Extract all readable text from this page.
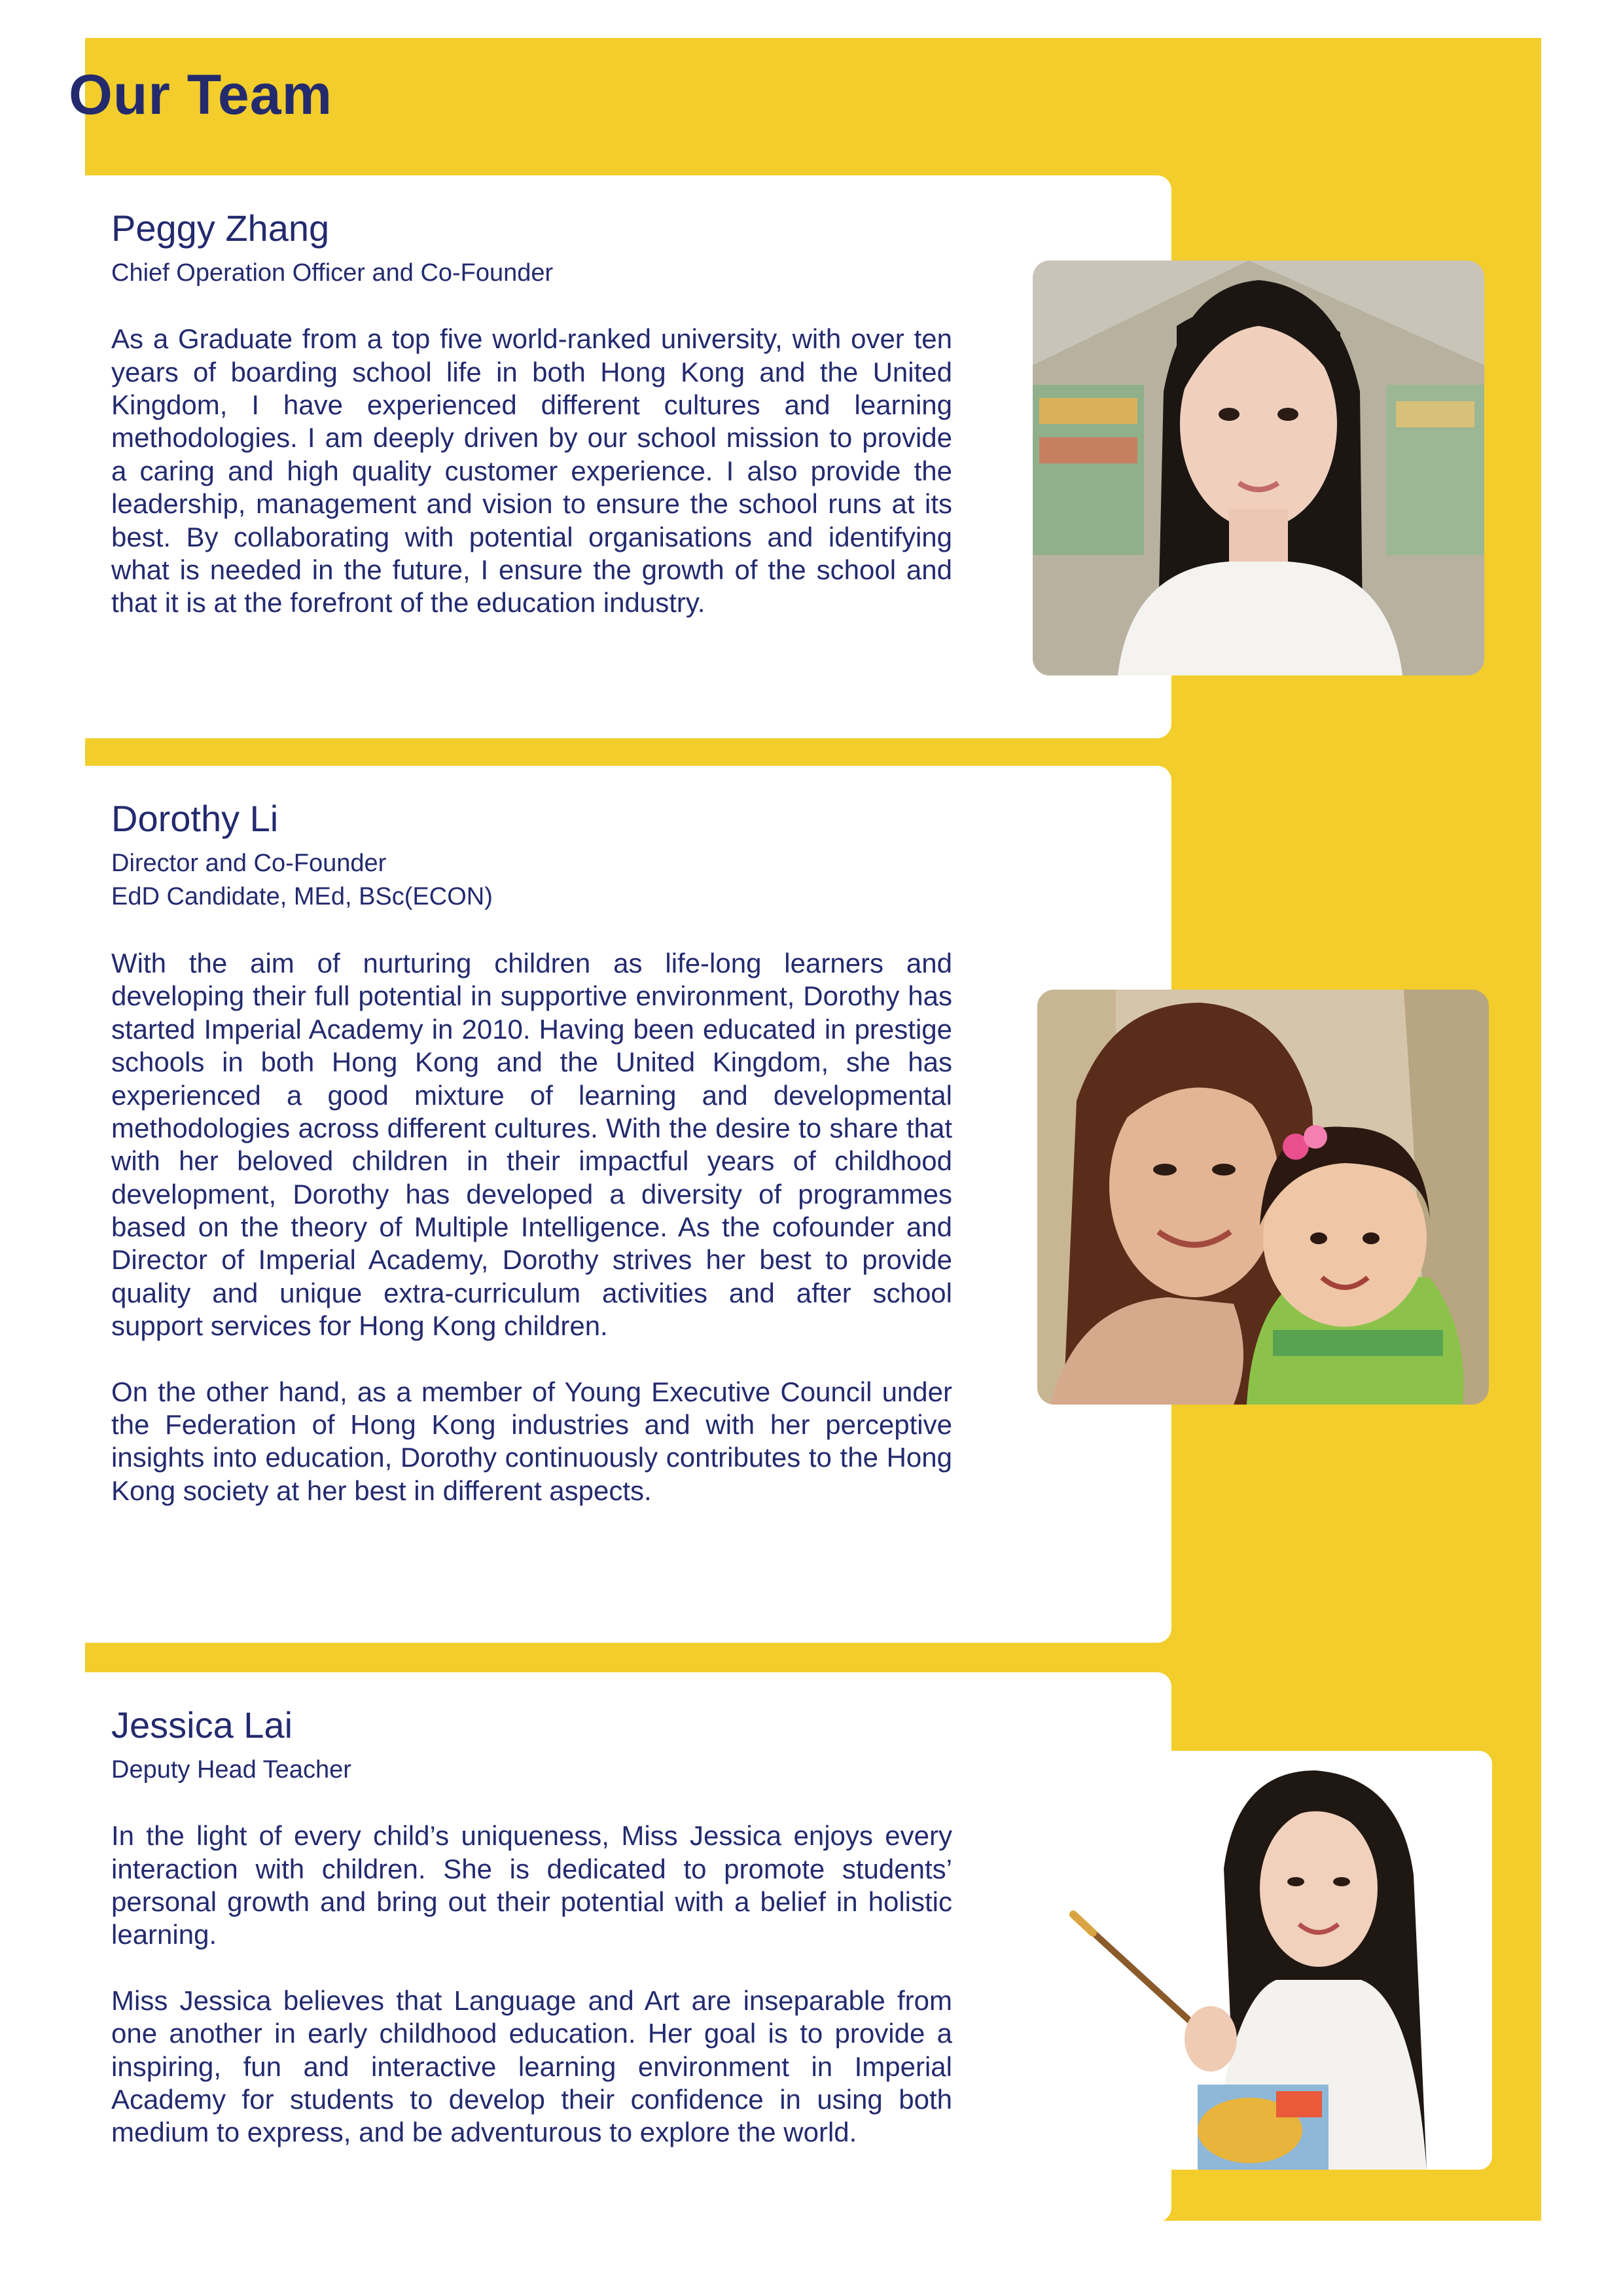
Our Team
Peggy Zhang

Chief Operation Officer and Co-Founder

As a Graduate from a top five world-ranked university, with over ten years of boarding school life in both Hong Kong and the United Kingdom, I have experienced different cultures and learning methodologies. I am deeply driven by our school mission to provide a caring and high quality customer experience. I also provide the leadership, management and vision to ensure the school runs at its best. By collaborating with potential organisations and identifying what is needed in the future, I ensure the growth of the school and that it is at the forefront of the education industry.

Dorothy Li

Director and Co-Founder

EdD Candidate, MEd, BSc(ECON)

With the aim of nurturing children as life-long learners and developing their full potential in supportive environment, Dorothy has started Imperial Academy in 2010. Having been educated in prestige schools in both Hong Kong and the United Kingdom, she has experienced a good mixture of learning and developmental methodologies across different cultures. With the desire to share that with her beloved children in their impactful years of childhood development, Dorothy has developed a diversity of programmes based on the theory of Multiple Intelligence. As the cofounder and Director of Imperial Academy, Dorothy strives her best to provide quality and unique extra-curriculum activities and after school support services for Hong Kong children.

On the other hand, as a member of Young Executive Council under the Federation of Hong Kong industries and with her perceptive insights into education, Dorothy continuously contributes to the Hong Kong society at her best in different aspects.

Jessica Lai

Deputy Head Teacher

In the light of every child’s uniqueness, Miss Jessica enjoys every interaction with children. She is dedicated to promote students’ personal growth and bring out their potential with a belief in holistic learning.

Miss Jessica believes that Language and Art are inseparable from one another in early childhood education. Her goal is to provide a inspiring, fun and interactive learning environment in Imperial Academy for students to develop their confidence in using both medium to express, and be adventurous to explore the world.
